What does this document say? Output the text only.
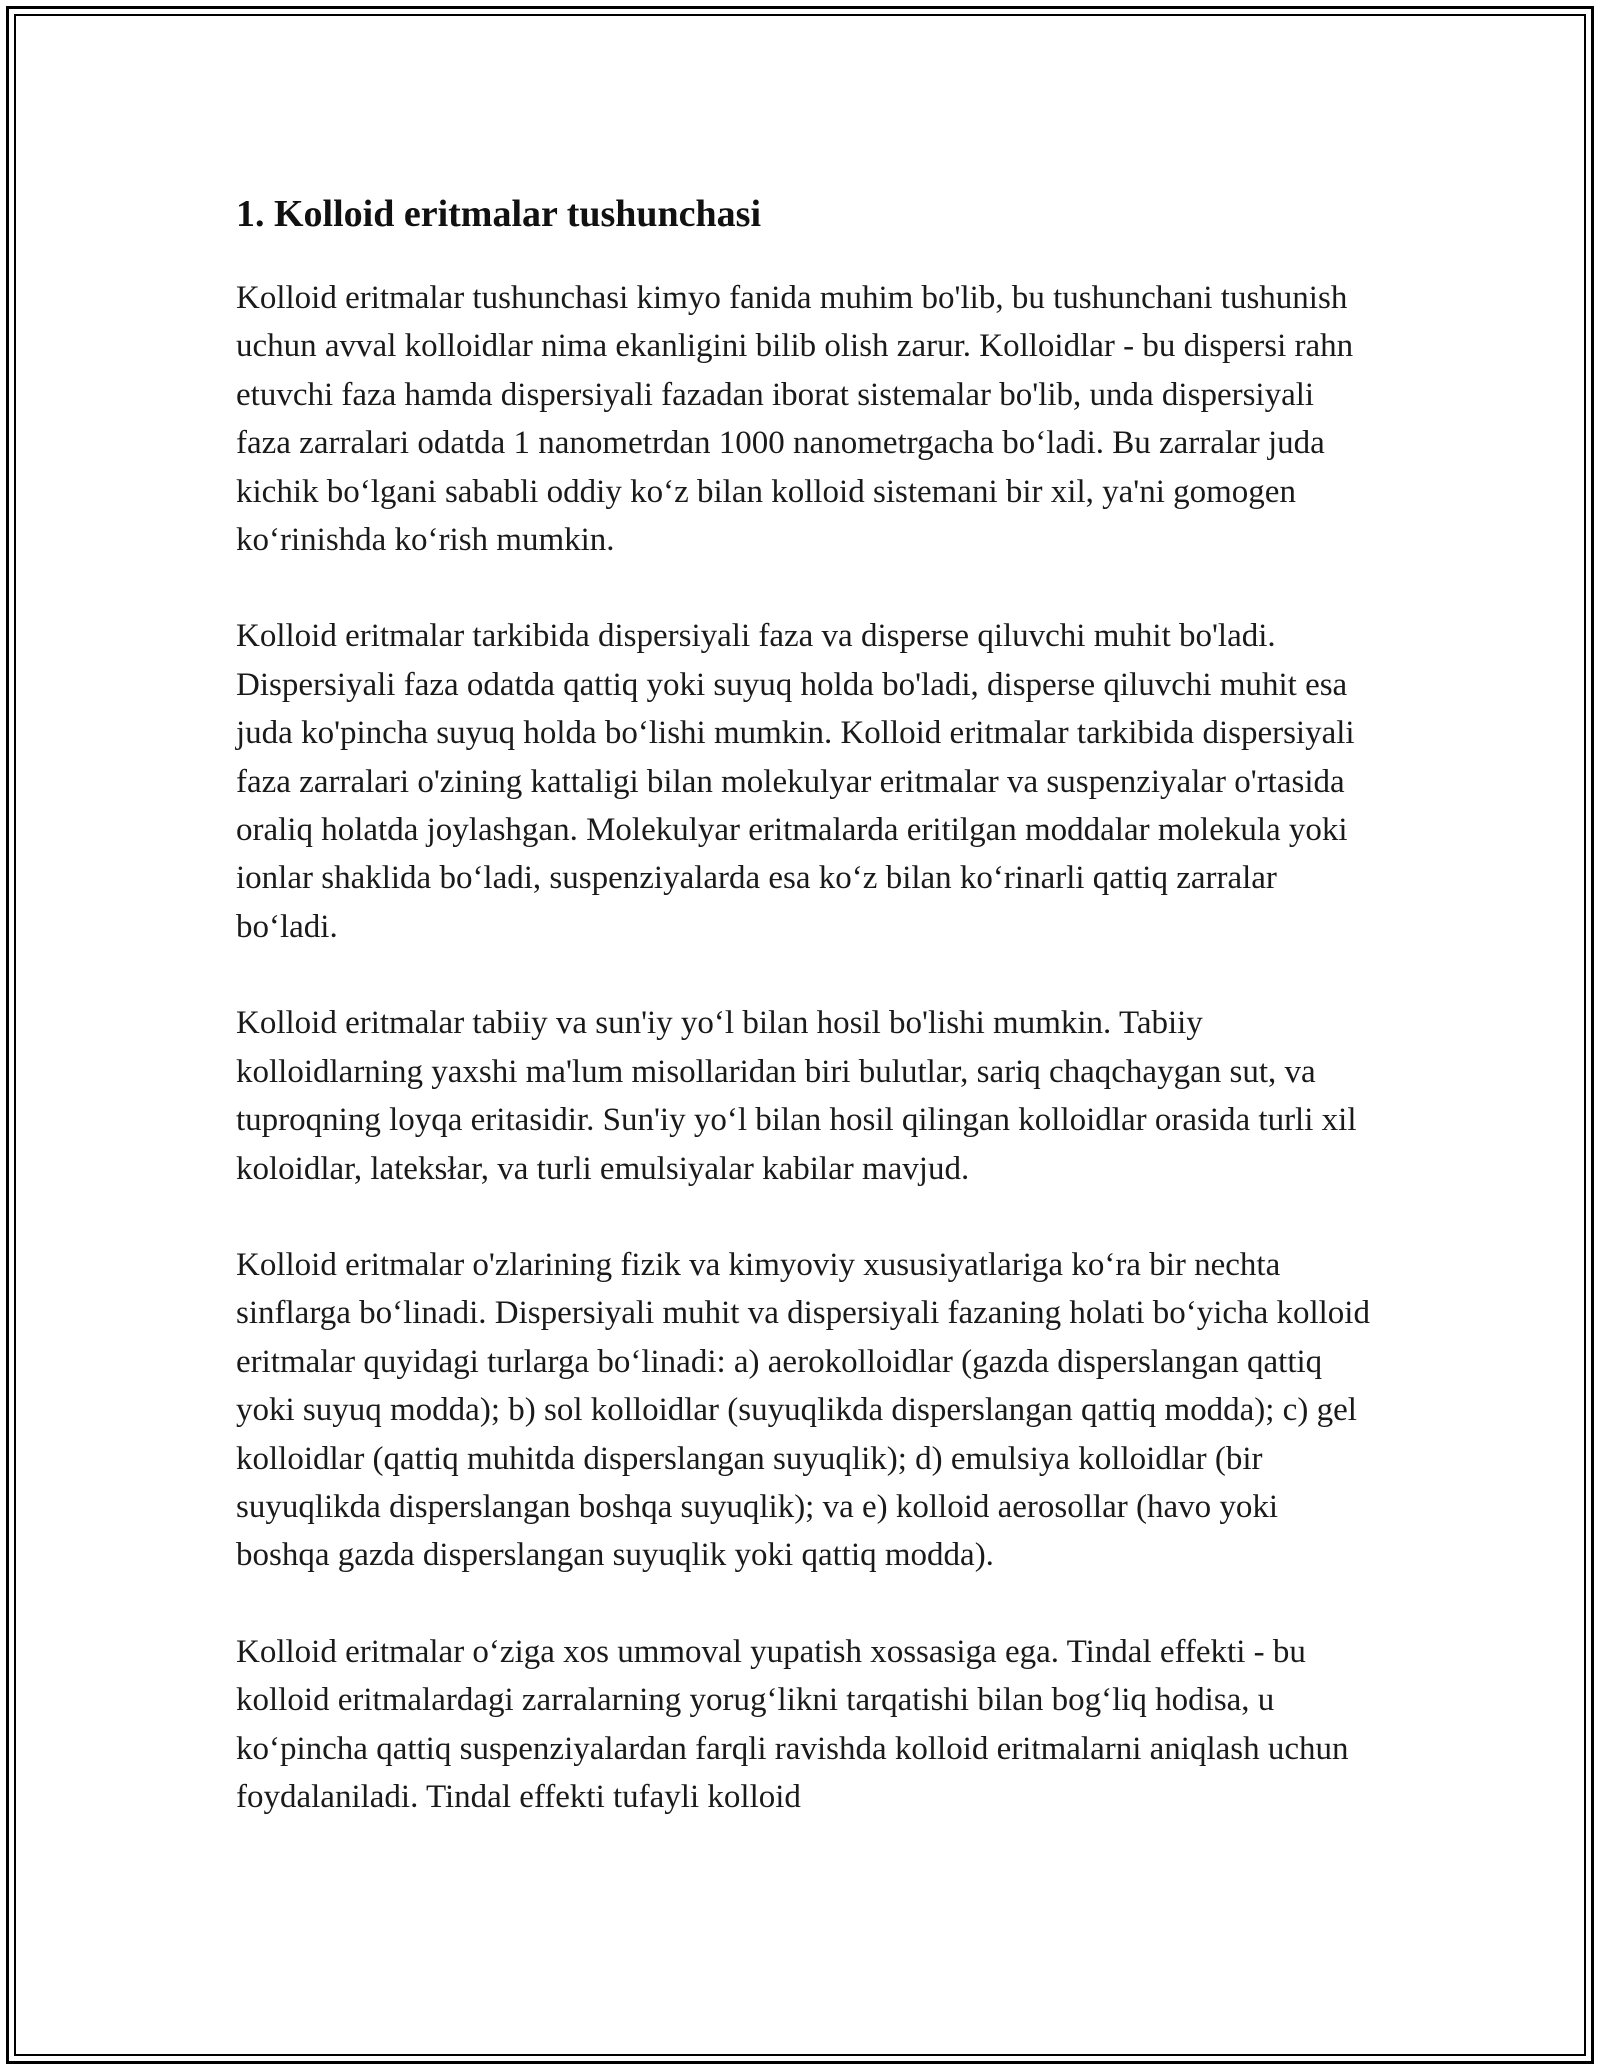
1. Kolloid eritmalar tushunchasi

Kolloid eritmalar tushunchasi kimyo fanida muhim bo'lib, bu tushunchani tushunish uchun avval kolloidlar nima ekanligini bilib olish zarur. Kolloidlar - bu dispersi rahn etuvchi faza hamda dispersiyali fazadan iborat sistemalar bo'lib, unda dispersiyali faza zarralari odatda 1 nanometrdan 1000 nanometrgacha bo‘ladi. Bu zarralar juda kichik bo‘lgani sababli oddiy ko‘z bilan kolloid sistemani bir xil, ya'ni gomogen ko‘rinishda ko‘rish mumkin.

Kolloid eritmalar tarkibida dispersiyali faza va disperse qiluvchi muhit bo'ladi. Dispersiyali faza odatda qattiq yoki suyuq holda bo'ladi, disperse qiluvchi muhit esa juda ko'pincha suyuq holda bo‘lishi mumkin. Kolloid eritmalar tarkibida dispersiyali faza zarralari o'zining kattaligi bilan molekulyar eritmalar va suspenziyalar o'rtasida oraliq holatda joylashgan. Molekulyar eritmalarda eritilgan moddalar molekula yoki ionlar shaklida bo‘ladi, suspenziyalarda esa ko‘z bilan ko‘rinarli qattiq zarralar bo‘ladi.

Kolloid eritmalar tabiiy va sun'iy yo‘l bilan hosil bo'lishi mumkin. Tabiiy kolloidlarning yaxshi ma'lum misollaridan biri bulutlar, sariq chaqchaygan sut, va tuproqning loyqa eritasidir. Sun'iy yo‘l bilan hosil qilingan kolloidlar orasida turli xil koloidlar, lateksłar, va turli emulsiyalar kabilar mavjud.

Kolloid eritmalar o'zlarining fizik va kimyoviy xususiyatlariga ko‘ra bir nechta sinflarga bo‘linadi. Dispersiyali muhit va dispersiyali fazaning holati bo‘yicha kolloid eritmalar quyidagi turlarga bo‘linadi: a) aerokolloidlar (gazda disperslangan qattiq yoki suyuq modda); b) sol kolloidlar (suyuqlikda disperslangan qattiq modda); c) gel kolloidlar (qattiq muhitda disperslangan suyuqlik); d) emulsiya kolloidlar (bir suyuqlikda disperslangan boshqa suyuqlik); va e) kolloid aerosollar (havo yoki boshqa gazda disperslangan suyuqlik yoki qattiq modda).

Kolloid eritmalar o‘ziga xos ummoval yupatish xossasiga ega. Tindal effekti - bu kolloid eritmalardagi zarralarning yorug‘likni tarqatishi bilan bog‘liq hodisa, u ko‘pincha qattiq suspenziyalardan farqli ravishda kolloid eritmalarni aniqlash uchun foydalaniladi. Tindal effekti tufayli kolloid
